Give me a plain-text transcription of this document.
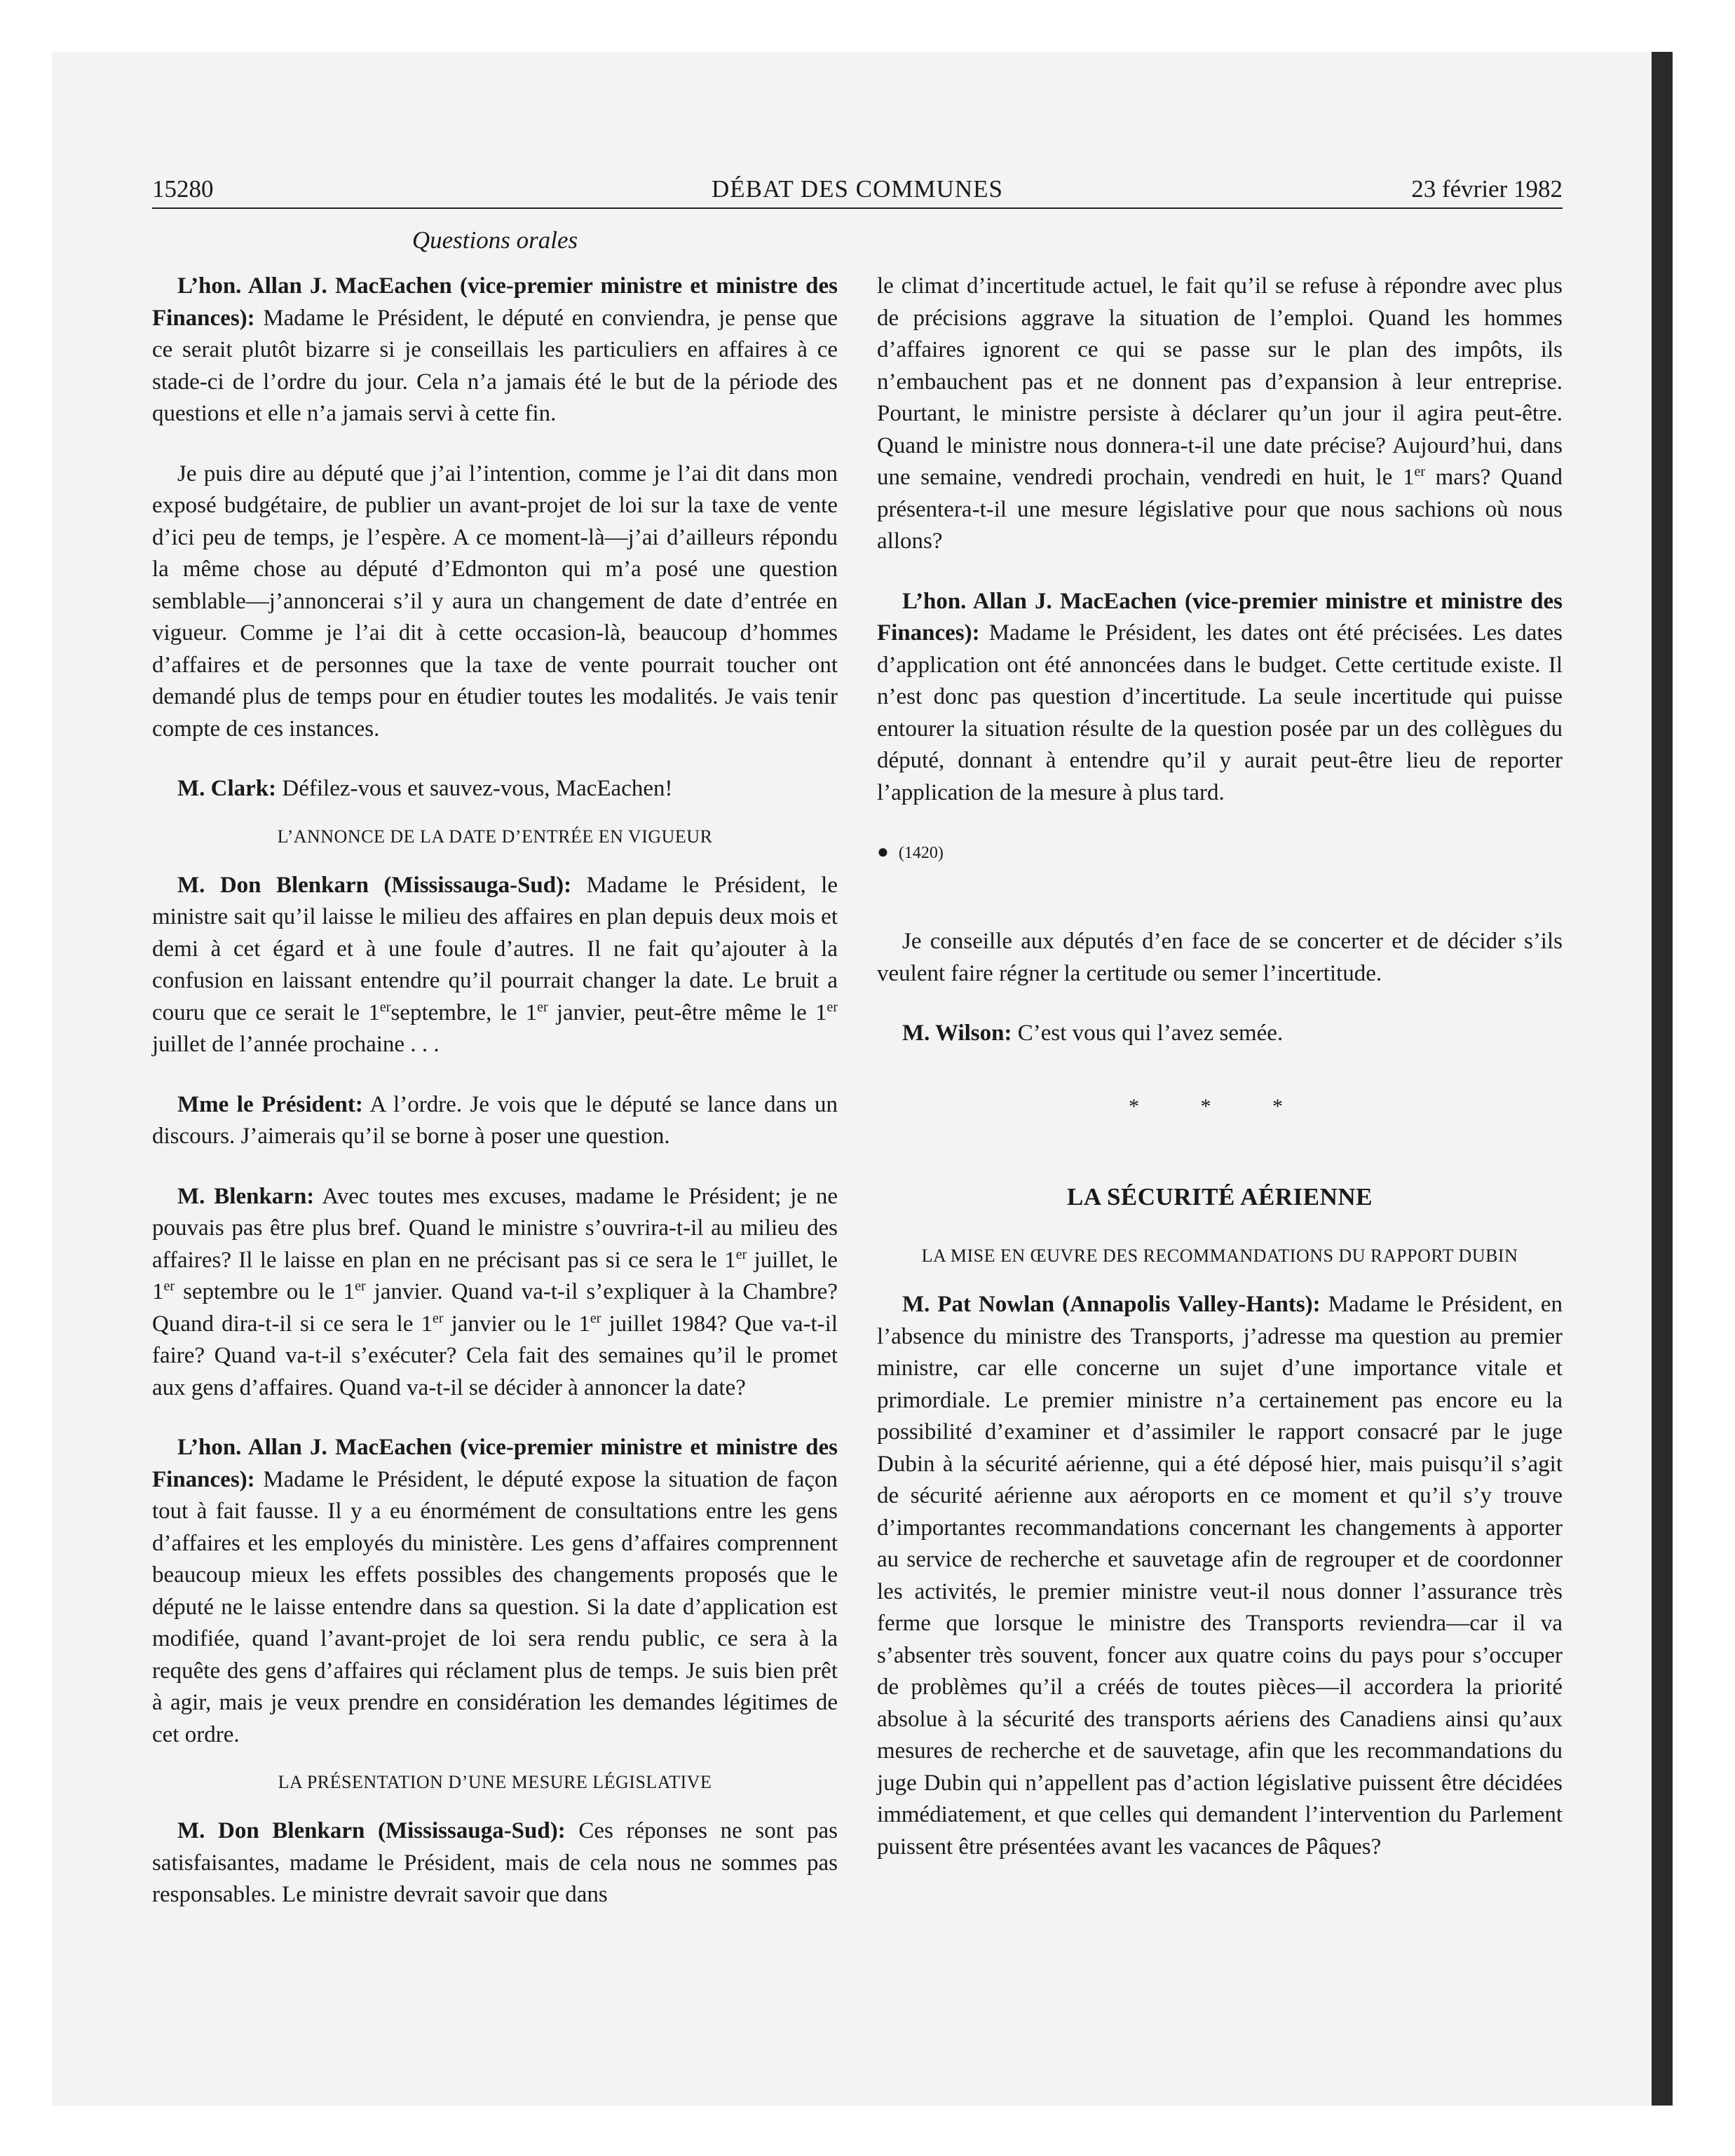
15280	DÉBAT DES COMMUNES	23 février 1982
Questions orales

L’hon. Allan J. MacEachen (vice-premier ministre et ministre des Finances): Madame le Président, le député en conviendra, je pense que ce serait plutôt bizarre si je conseillais les particuliers en affaires à ce stade-ci de l’ordre du jour. Cela n’a jamais été le but de la période des questions et elle n’a jamais servi à cette fin.

Je puis dire au député que j’ai l’intention, comme je l’ai dit dans mon exposé budgétaire, de publier un avant-projet de loi sur la taxe de vente d’ici peu de temps, je l’espère. A ce moment-là—j’ai d’ailleurs répondu la même chose au député d’Edmonton qui m’a posé une question semblable—j’annoncerai s’il y aura un changement de date d’entrée en vigueur. Comme je l’ai dit à cette occasion-là, beaucoup d’hommes d’affaires et de personnes que la taxe de vente pourrait toucher ont demandé plus de temps pour en étudier toutes les modalités. Je vais tenir compte de ces instances.

M. Clark: Défilez-vous et sauvez-vous, MacEachen!

L’ANNONCE DE LA DATE D’ENTRÉE EN VIGUEUR

M. Don Blenkarn (Mississauga-Sud): Madame le Président, le ministre sait qu’il laisse le milieu des affaires en plan depuis deux mois et demi à cet égard et à une foule d’autres. Il ne fait qu’ajouter à la confusion en laissant entendre qu’il pourrait changer la date. Le bruit a couru que ce serait le 1erseptembre, le 1er janvier, peut-être même le 1er juillet de l’année prochaine . . .

Mme le Président: A l’ordre. Je vois que le député se lance dans un discours. J’aimerais qu’il se borne à poser une question.

M. Blenkarn: Avec toutes mes excuses, madame le Président; je ne pouvais pas être plus bref. Quand le ministre s’ouvrira-t-il au milieu des affaires? Il le laisse en plan en ne précisant pas si ce sera le 1er juillet, le 1er septembre ou le 1er janvier. Quand va-t-il s’expliquer à la Chambre? Quand dira-t-il si ce sera le 1er janvier ou le 1er juillet 1984? Que va-t-il faire? Quand va-t-il s’exécuter? Cela fait des semaines qu’il le promet aux gens d’affaires. Quand va-t-il se décider à annoncer la date?

L’hon. Allan J. MacEachen (vice-premier ministre et ministre des Finances): Madame le Président, le député expose la situation de façon tout à fait fausse. Il y a eu énormément de consultations entre les gens d’affaires et les employés du ministère. Les gens d’affaires comprennent beaucoup mieux les effets possibles des changements proposés que le député ne le laisse entendre dans sa question. Si la date d’application est modifiée, quand l’avant-projet de loi sera rendu public, ce sera à la requête des gens d’affaires qui réclament plus de temps. Je suis bien prêt à agir, mais je veux prendre en considération les demandes légitimes de cet ordre.

LA PRÉSENTATION D’UNE MESURE LÉGISLATIVE

M. Don Blenkarn (Mississauga-Sud): Ces réponses ne sont pas satisfaisantes, madame le Président, mais de cela nous ne sommes pas responsables. Le ministre devrait savoir que dans

le climat d’incertitude actuel, le fait qu’il se refuse à répondre avec plus de précisions aggrave la situation de l’emploi. Quand les hommes d’affaires ignorent ce qui se passe sur le plan des impôts, ils n’embauchent pas et ne donnent pas d’expansion à leur entreprise. Pourtant, le ministre persiste à déclarer qu’un jour il agira peut-être. Quand le ministre nous donnera-t-il une date précise? Aujourd’hui, dans une semaine, vendredi prochain, vendredi en huit, le 1er mars? Quand présentera-t-il une mesure législative pour que nous sachions où nous allons?

L’hon. Allan J. MacEachen (vice-premier ministre et ministre des Finances): Madame le Président, les dates ont été précisées. Les dates d’application ont été annoncées dans le budget. Cette certitude existe. Il n’est donc pas question d’incertitude. La seule incertitude qui puisse entourer la situation résulte de la question posée par un des collègues du député, donnant à entendre qu’il y aurait peut-être lieu de reporter l’application de la mesure à plus tard.

● (1420)

Je conseille aux députés d’en face de se concerter et de décider s’ils veulent faire régner la certitude ou semer l’incertitude.

M. Wilson: C’est vous qui l’avez semée.

* * *
LA SÉCURITÉ AÉRIENNE
LA MISE EN ŒUVRE DES RECOMMANDATIONS DU RAPPORT DUBIN

M. Pat Nowlan (Annapolis Valley-Hants): Madame le Président, en l’absence du ministre des Transports, j’adresse ma question au premier ministre, car elle concerne un sujet d’une importance vitale et primordiale. Le premier ministre n’a certainement pas encore eu la possibilité d’examiner et d’assimiler le rapport consacré par le juge Dubin à la sécurité aérienne, qui a été déposé hier, mais puisqu’il s’agit de sécurité aérienne aux aéroports en ce moment et qu’il s’y trouve d’importantes recommandations concernant les changements à apporter au service de recherche et sauvetage afin de regrouper et de coordonner les activités, le premier ministre veut-il nous donner l’assurance très ferme que lorsque le ministre des Transports reviendra—car il va s’absenter très souvent, foncer aux quatre coins du pays pour s’occuper de problèmes qu’il a créés de toutes pièces—il accordera la priorité absolue à la sécurité des transports aériens des Canadiens ainsi qu’aux mesures de recherche et de sauvetage, afin que les recommandations du juge Dubin qui n’appellent pas d’action législative puissent être décidées immédiatement, et que celles qui demandent l’intervention du Parlement puissent être présentées avant les vacances de Pâques?
